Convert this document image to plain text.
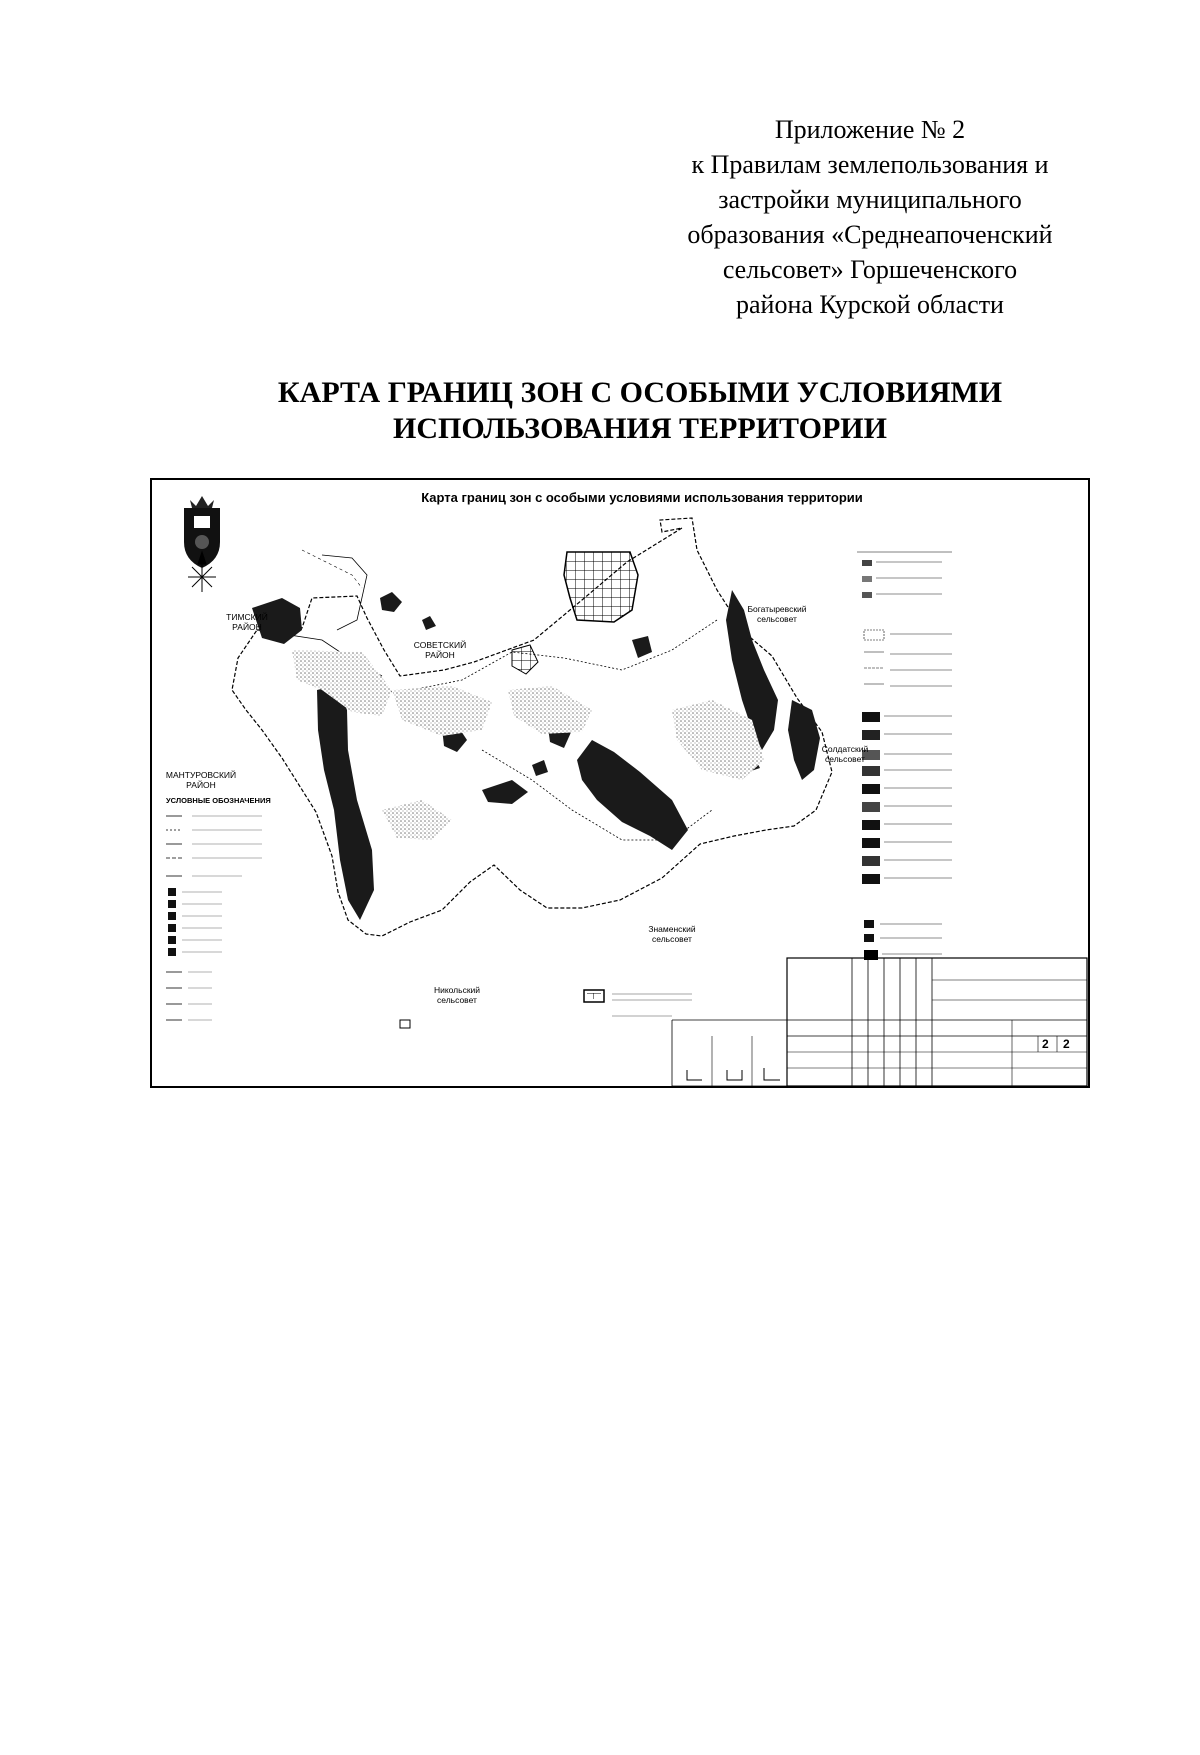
Приложение № 2
к Правилам землепользования и
застройки муниципального
образования «Среднеапоченский
сельсовет» Горшеченского
района Курской области
КАРТА ГРАНИЦ ЗОН С ОСОБЫМИ УСЛОВИЯМИ
ИСПОЛЬЗОВАНИЯ ТЕРРИТОРИИ
С
Карта границ зон с особыми условиями использования территории
ТИМСКИЙ
РАЙОН
СОВЕТСКИЙ
РАЙОН
МАНТУРОВСКИЙ
РАЙОН
Богатыревский
сельсовет
Солдатский
сельсовет
Знаменский
сельсовет
Никольский
сельсовет
УСЛОВНЫЕ ОБОЗНАЧЕНИЯ
2 2
